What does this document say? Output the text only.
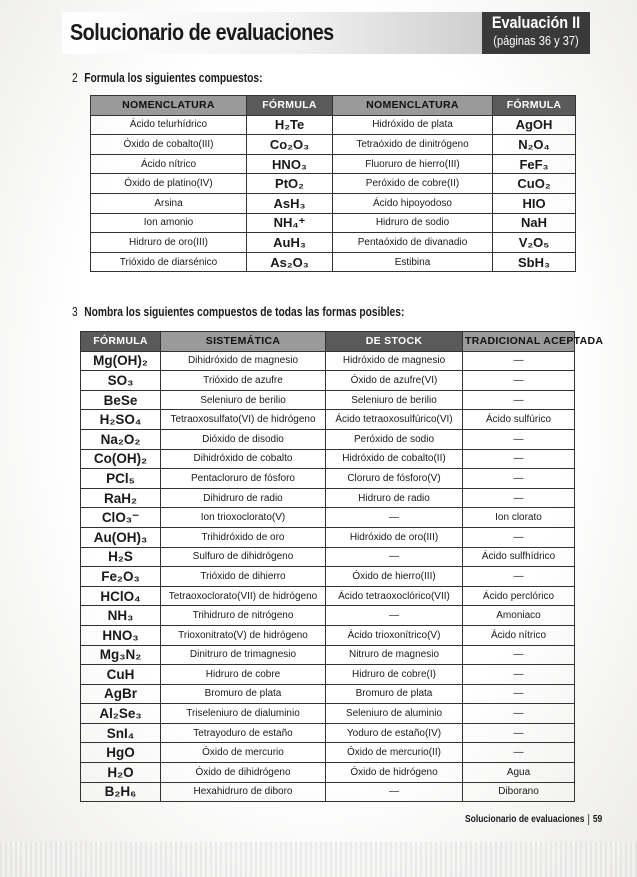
Solucionario de evaluaciones	Evaluación II
(páginas 36 y 37)
2 Formula los siguientes compuestos:
NOMENCLATURA	FÓRMULA	NOMENCLATURA	FÓRMULA
Ácido telurhídrico	H₂Te	Hidróxido de plata	AgOH
Óxido de cobalto(III)	Co₂O₃	Tetraóxido de dinitrógeno	N₂O₄
Ácido nítrico	HNO₃	Fluoruro de hierro(III)	FeF₃
Óxido de platino(IV)	PtO₂	Peróxido de cobre(II)	CuO₂
Arsina	AsH₃	Ácido hipoyodoso	HIO
Ion amonio	NH₄⁺	Hidruro de sodio	NaH
Hidruro de oro(III)	AuH₃	Pentaóxido de divanadio	V₂O₅
Trióxido de diarsénico	As₂O₃	Estibina	SbH₃
3 Nombra los siguientes compuestos de todas las formas posibles:
FÓRMULA	SISTEMÁTICA	DE STOCK	TRADICIONAL ACEPTADA
Mg(OH)₂	Dihidróxido de magnesio	Hidróxido de magnesio	—
SO₃	Trióxido de azufre	Óxido de azufre(VI)	—
BeSe	Seleniuro de berilio	Seleniuro de berilio	—
H₂SO₄	Tetraoxosulfato(VI) de hidrógeno	Ácido tetraoxosulfúrico(VI)	Ácido sulfúrico
Na₂O₂	Dióxido de disodio	Peróxido de sodio	—
Co(OH)₂	Dihidróxido de cobalto	Hidróxido de cobalto(II)	—
PCl₅	Pentacloruro de fósforo	Cloruro de fósforo(V)	—
RaH₂	Dihidruro de radio	Hidruro de radio	—
ClO₃⁻	Ion trioxoclorato(V)	—	Ion clorato
Au(OH)₃	Trihidróxido de oro	Hidróxido de oro(III)	—
H₂S	Sulfuro de dihidrógeno	—	Ácido sulfhídrico
Fe₂O₃	Trióxido de dihierro	Óxido de hierro(III)	—
HClO₄	Tetraoxoclorato(VII) de hidrógeno	Ácido tetraoxoclórico(VII)	Ácido perclórico
NH₃	Trihidruro de nitrógeno	—	Amoniaco
HNO₃	Trioxonitrato(V) de hidrógeno	Ácido trioxonítrico(V)	Ácido nítrico
Mg₃N₂	Dinitruro de trimagnesio	Nitruro de magnesio	—
CuH	Hidruro de cobre	Hidruro de cobre(I)	—
AgBr	Bromuro de plata	Bromuro de plata	—
Al₂Se₃	Triseleniuro de dialuminio	Seleniuro de aluminio	—
SnI₄	Tetrayoduro de estaño	Yoduro de estaño(IV)	—
HgO	Óxido de mercurio	Óxido de mercurio(II)	—
H₂O	Óxido de dihidrógeno	Óxido de hidrógeno	Agua
B₂H₆	Hexahidruro de diboro	—	Diborano
Solucionario de evaluaciones 59
